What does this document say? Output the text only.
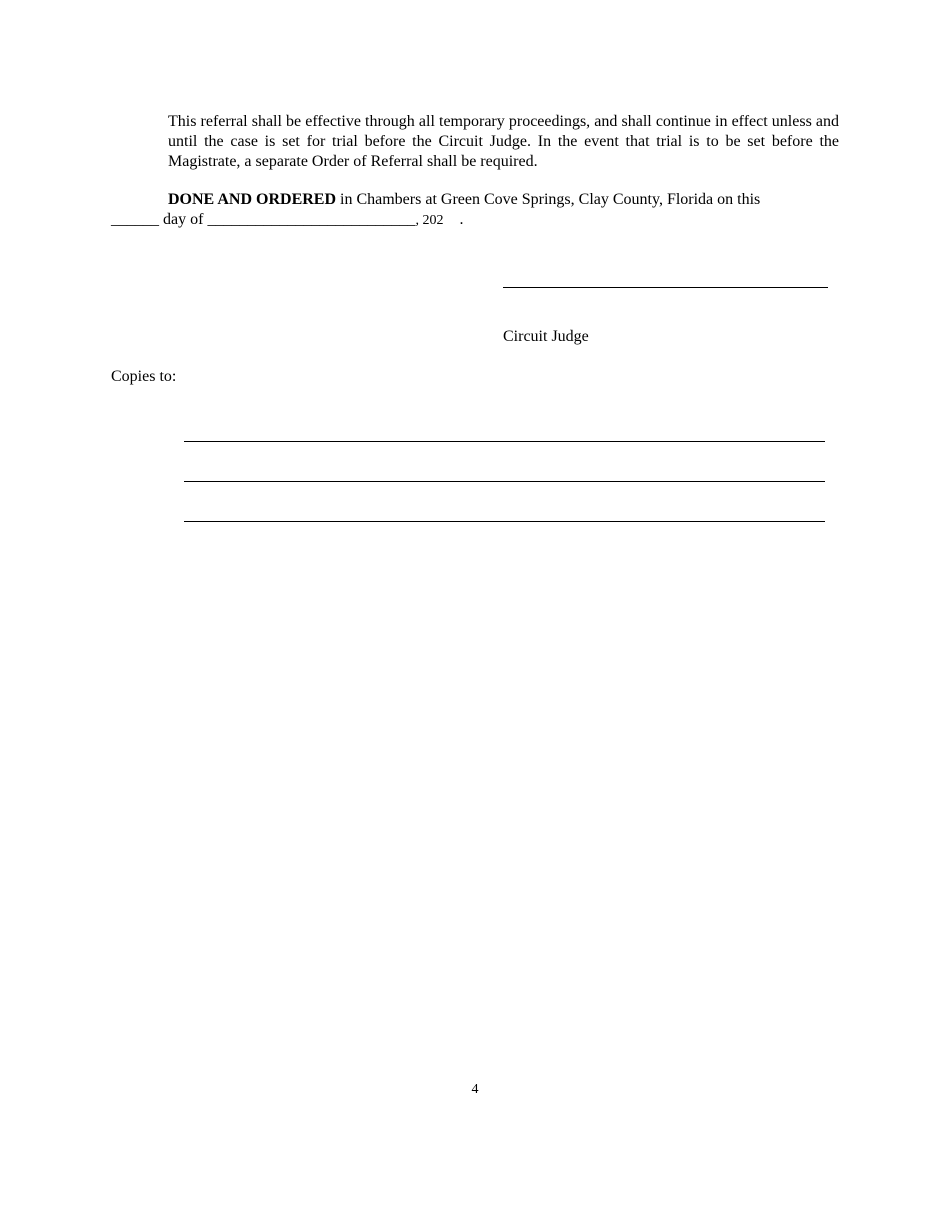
This referral shall be effective through all temporary proceedings, and shall continue in effect unless and until the case is set for trial before the Circuit Judge. In the event that trial is to be set before the Magistrate, a separate Order of Referral shall be required.

DONE AND ORDERED in Chambers at Green Cove Springs, Clay County, Florida on this

______ day of __________________________, 202    .

Circuit Judge
Copies to:
4
